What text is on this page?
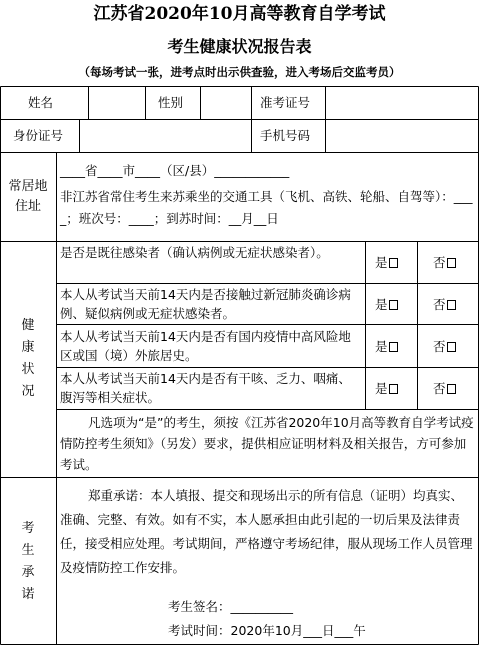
江苏省2020年10月高等教育自学考试
考生健康状况报告表
（每场考试一张，进考点时出示供查验，进入考场后交监考员）
姓名	性别	准考证号
身份证号	手机号码
常居地住址
____省____市____（区/县）____________
非江苏省常住考生来苏乘坐的交通工具（飞机、高铁、轮船、自驾等）：____；班次号：____；到苏时间：__月__日
健康状况
是否是既往感染者（确认病例或无症状感染者）。
是	否
本人从考试当天前14天内是否接触过新冠肺炎确诊病例、疑似病例或无症状感染者。
是	否
本人从考试当天前14天内是否有国内疫情中高风险地区或国（境）外旅居史。
是	否
本人从考试当天前14天内是否有干咳、乏力、咽痛、腹泻等相关症状。
是	否
凡选项为“是”的考生，须按《江苏省2020年10月高等教育自学考试疫情防控考生须知》（另发）要求，提供相应证明材料及相关报告，方可参加考试。
考生承诺
郑重承诺：本人填报、提交和现场出示的所有信息（证明）均真实、准确、完整、有效。如有不实，本人愿承担由此引起的一切后果及法律责任，接受相应处理。考试期间，严格遵守考场纪律，服从现场工作人员管理及疫情防控工作安排。
考生签名：__________
考试时间：2020年10月___日___午
